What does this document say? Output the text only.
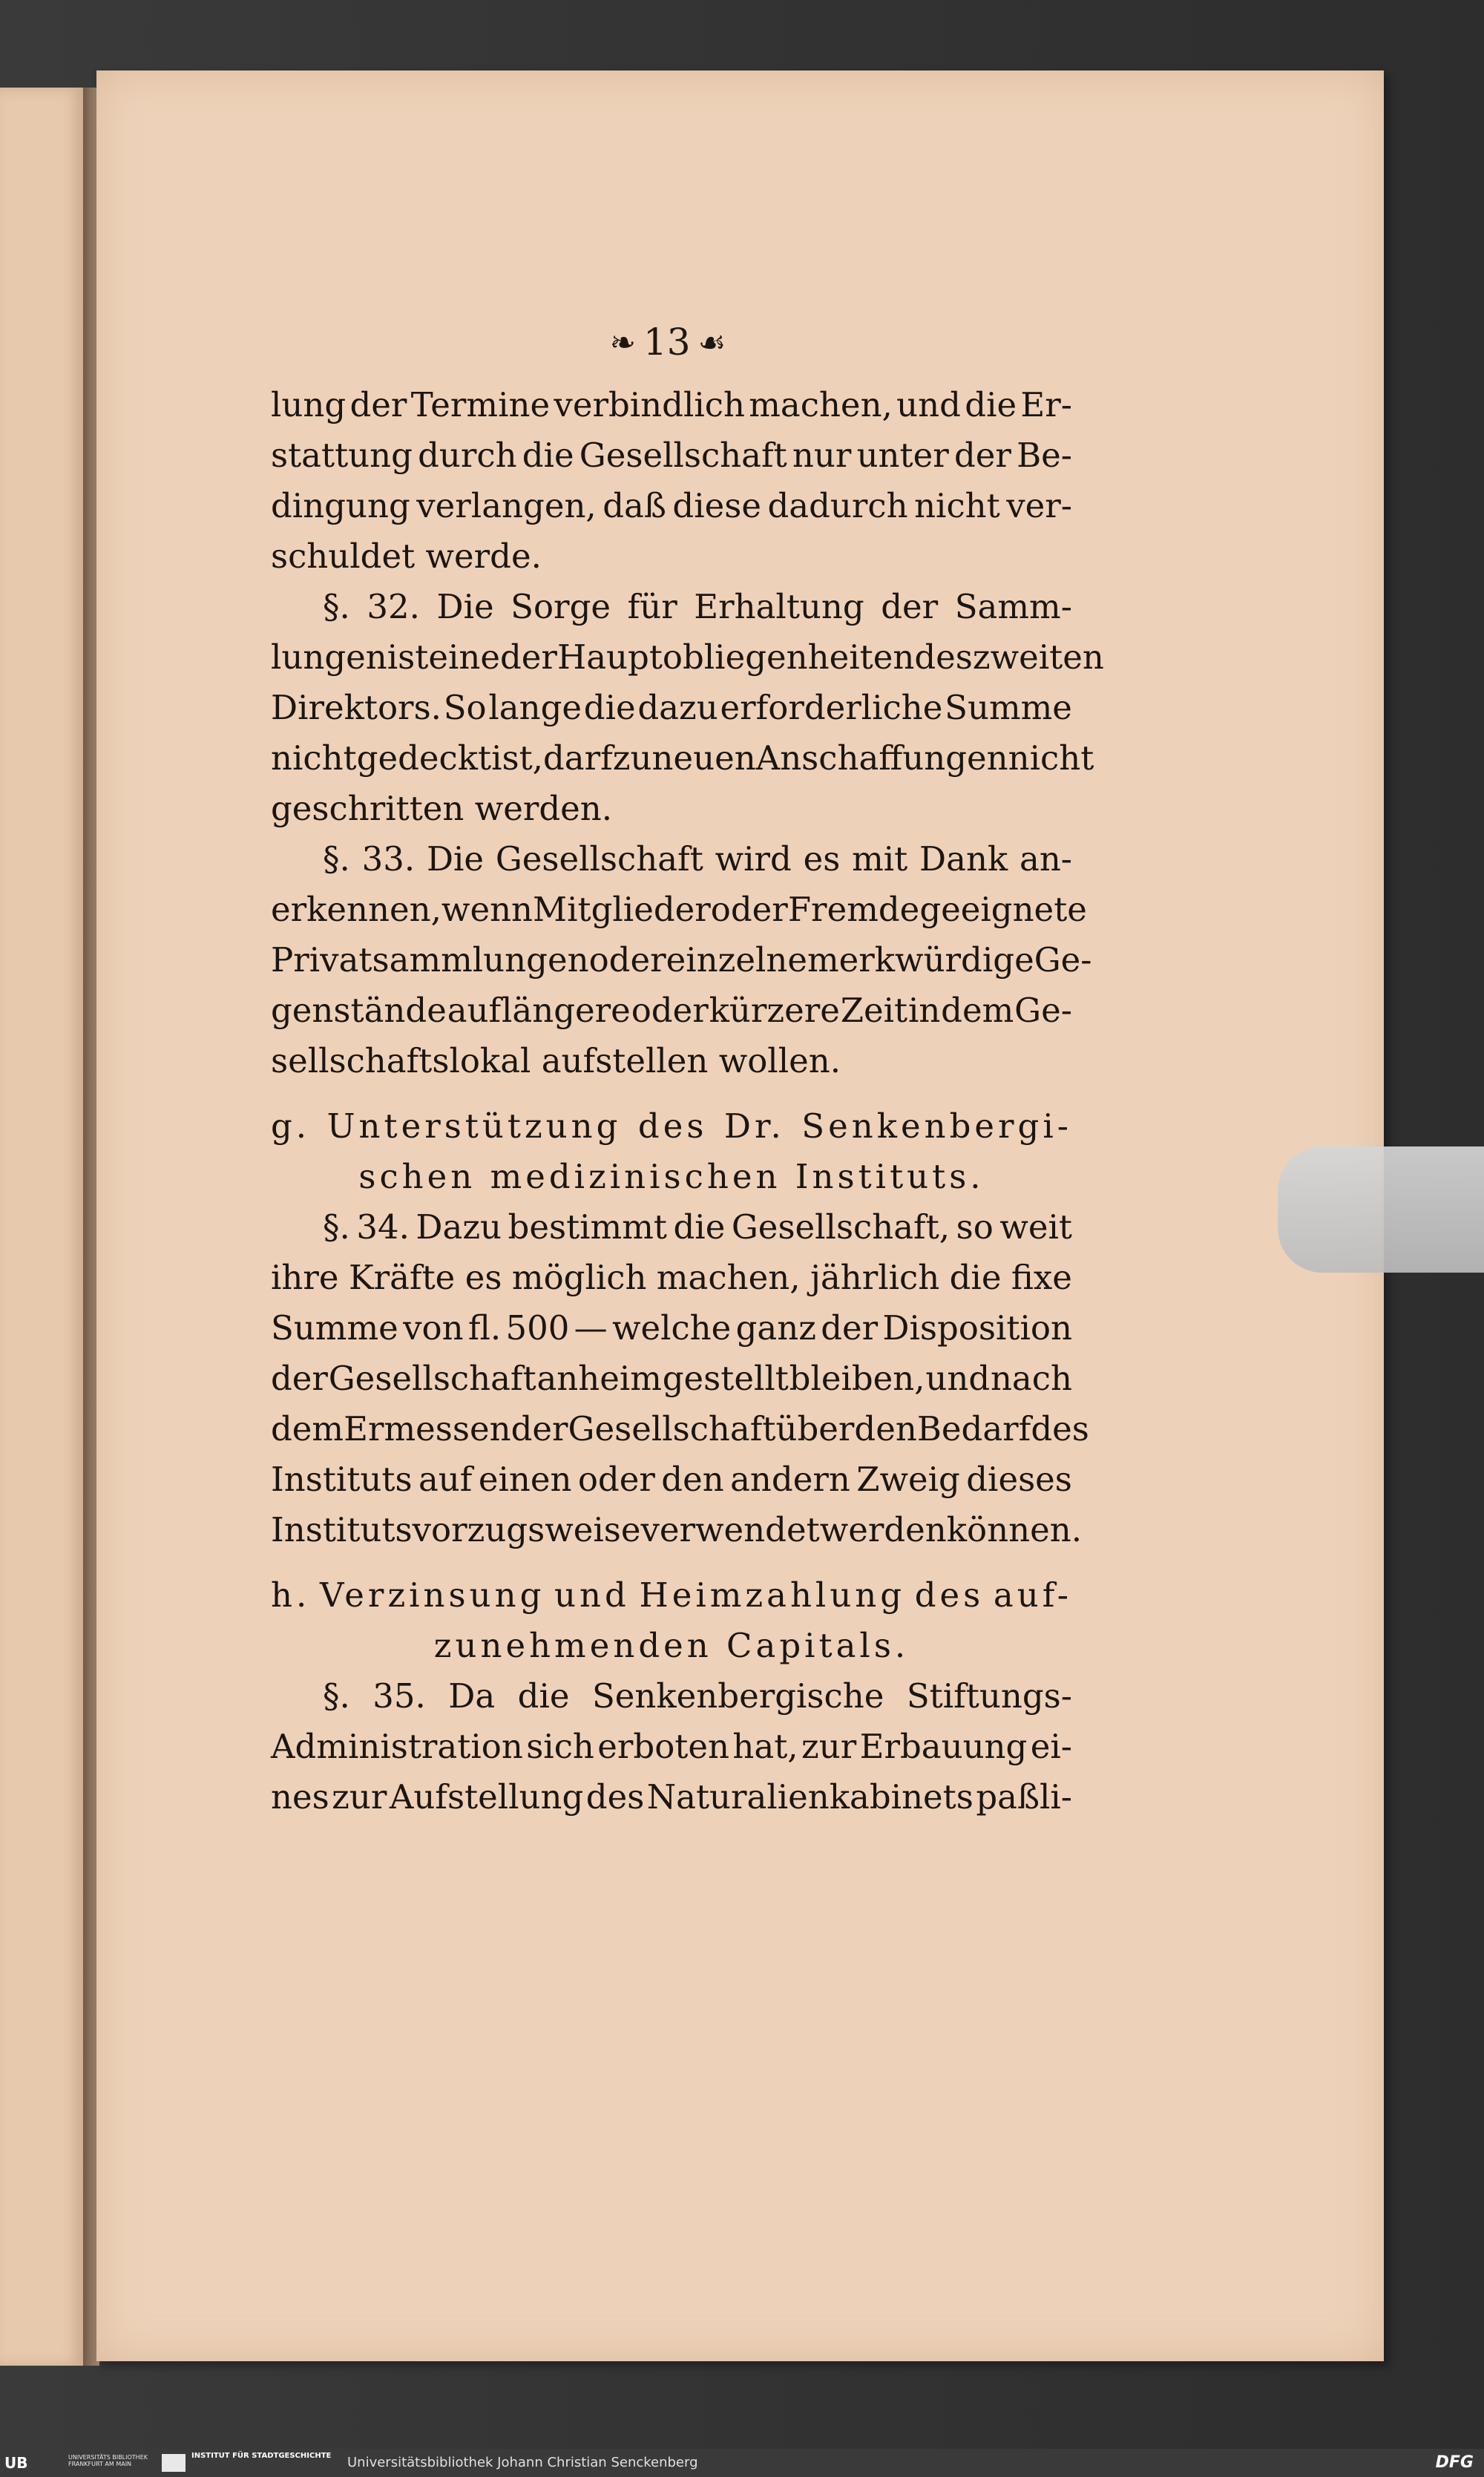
❧ 13 ☙
lung der Termine verbindlich machen, und die Er-
stattung durch die Gesellschaft nur unter der Be-
dingung verlangen, daß diese dadurch nicht ver-
schuldet werde.
§. 32. Die Sorge für Erhaltung der Samm-
lungen ist eine der Hauptobliegenheiten des zweiten
Direktors. So lange die dazu erforderliche Summe
nicht gedeckt ist, darf zu neuen Anschaffungen nicht
geschritten werden.
§. 33. Die Gesellschaft wird es mit Dank an-
erkennen, wenn Mitglieder oder Fremde geeignete
Privatsammlungen oder einzelne merkwürdige Ge-
genstände auf längere oder kürzere Zeit in dem Ge-
sellschaftslokal aufstellen wollen.
g. Unterstützung des Dr. Senkenbergi-
schen medizinischen Instituts.
§. 34. Dazu bestimmt die Gesellschaft, so weit
ihre Kräfte es möglich machen, jährlich die fixe
Summe von fl. 500 — welche ganz der Disposition
der Gesellschaft anheim gestellt bleiben, und nach
dem Ermessen der Gesellschaft über den Bedarf des
Instituts auf einen oder den andern Zweig dieses
Instituts vorzugsweise verwendet werden können.
h. Verzinsung und Heimzahlung des auf-
zunehmenden Capitals.
§. 35. Da die Senkenbergische Stiftungs-
Administration sich erboten hat, zur Erbauung ei-
nes zur Aufstellung des Naturalienkabinets paßli-
UB	UNIVERSITÄTS BIBLIOTHEK FRANKFURT AM MAIN
INSTITUT FÜR STADTGESCHICHTE	Universitätsbibliothek Johann Christian Senckenberg	DFG
